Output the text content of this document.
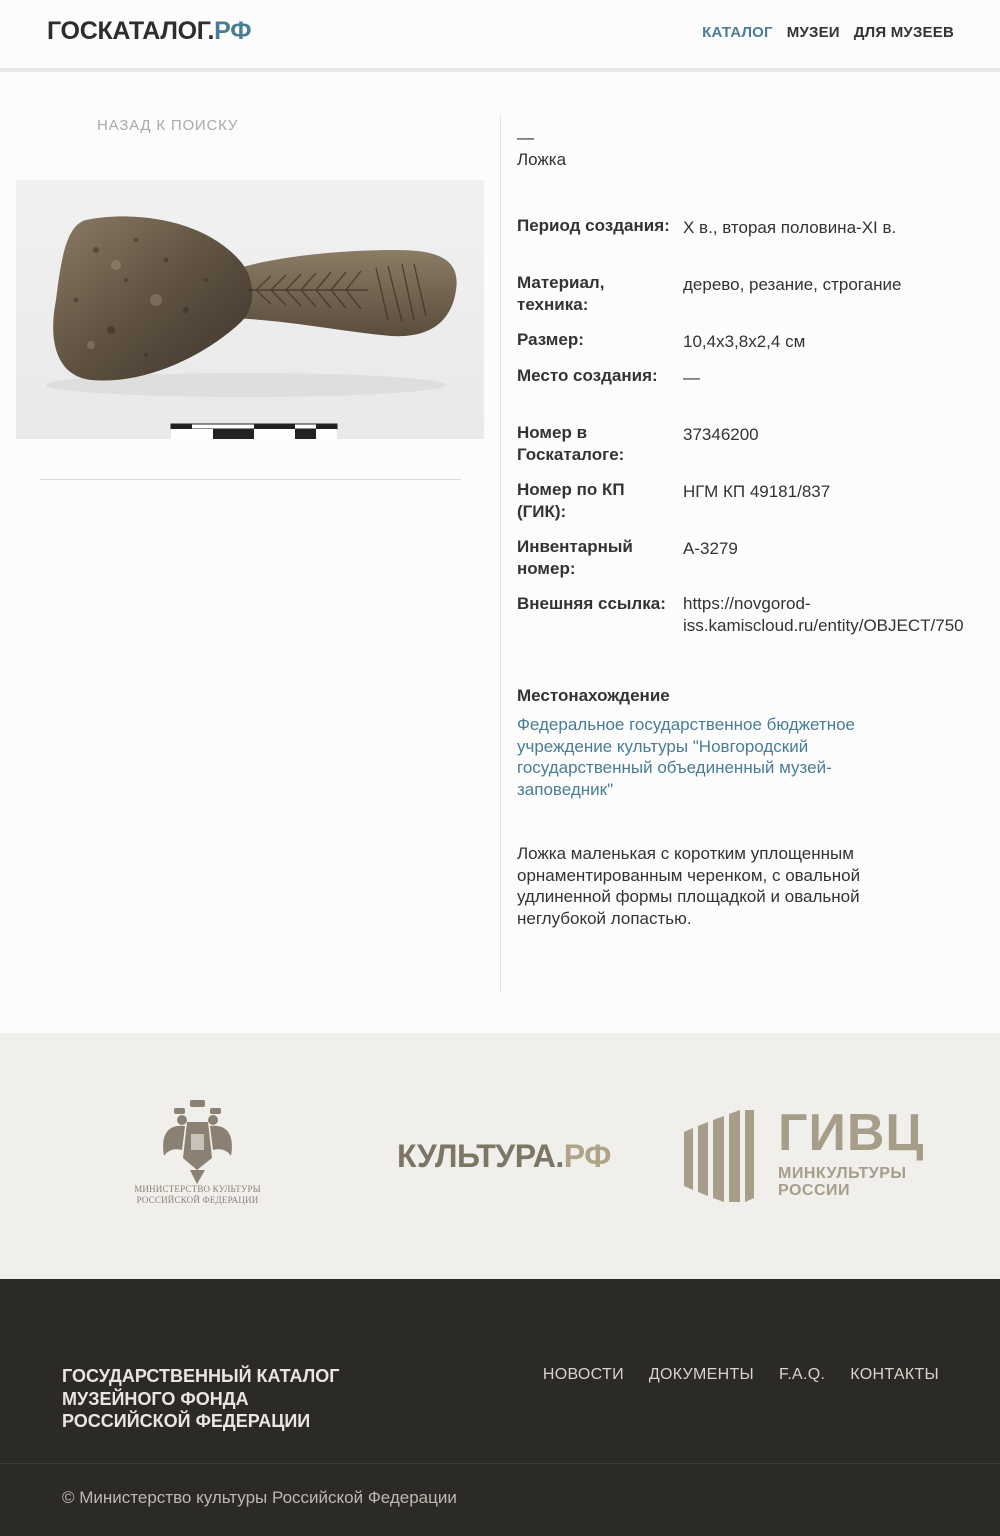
ГОСКАТАЛОГ.РФ	КАТАЛОГ МУЗЕИ ДЛЯ МУЗЕЕВ
НАЗАД К ПОИСКУ
—
Ложка
Период создания: X в., вторая половина-XI в.
Материал, техника:
дерево, резание, строгание
Размер:	10,4х3,8х2,4 см
Место создания:	—
Номер в Госкаталоге:
37346200
Номер по КП (ГИК):
НГМ КП 49181/837
Инвентарный номер:
А-3279
Внешняя ссылка:	https://novgorod-
iss.kamiscloud.ru/entity/OBJECT/750
Местонахождение
Федеральное государственное бюджетное учреждение культуры "Новгородский государственный объединенный музей-заповедник"
Ложка маленькая с коротким уплощенным орнаментированным черенком, с овальной удлиненной формы площадкой и овальной неглубокой лопастью.
МИНИСТЕРСТВО КУЛЬТУРЫ
РОССИЙСКОЙ ФЕДЕРАЦИИ
КУЛЬТУРА.РФ	ГИВЦ
МИНКУЛЬТУРЫ
РОССИИ
ГОСУДАРСТВЕННЫЙ КАТАЛОГ
МУЗЕЙНОГО ФОНДА
РОССИЙСКОЙ ФЕДЕРАЦИИ
НОВОСТИ ДОКУМЕНТЫ F.A.Q. КОНТАКТЫ
© Министерство культуры Российской Федерации
